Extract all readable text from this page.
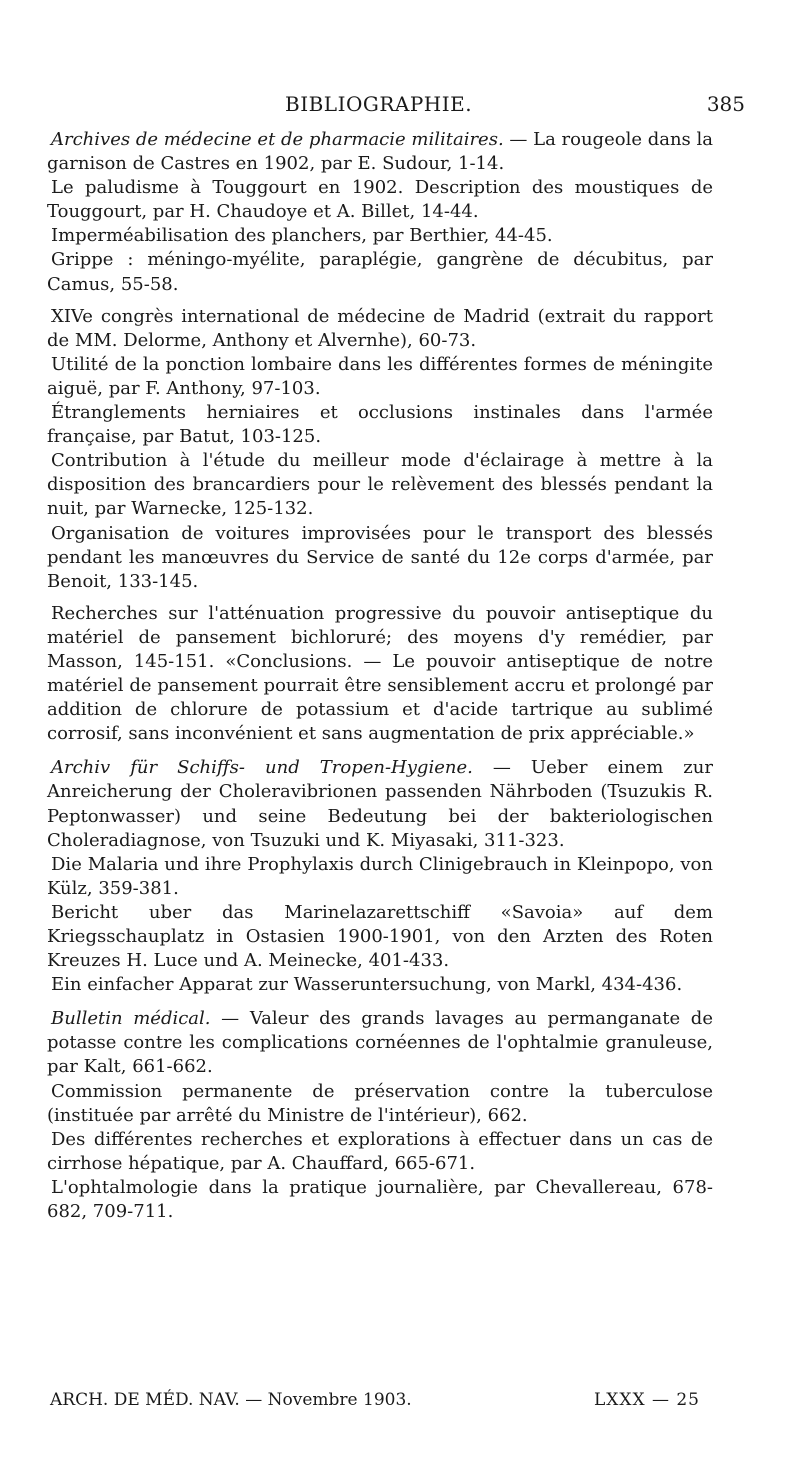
BIBLIOGRAPHIE.	385

Archives de médecine et de pharmacie militaires. — La rougeole dans la garnison de Castres en 1902, par E. Sudour, 1-14.

Le paludisme à Touggourt en 1902. Description des moustiques de Touggourt, par H. Chaudoye et A. Billet, 14-44.

Imperméabilisation des planchers, par Berthier, 44-45.

Grippe : méningo-myélite, paraplégie, gangrène de décubitus, par Camus, 55-58.

XIVe congrès international de médecine de Madrid (extrait du rapport de MM. Delorme, Anthony et Alvernhe), 60-73.

Utilité de la ponction lombaire dans les différentes formes de méningite aiguë, par F. Anthony, 97-103.

Étranglements herniaires et occlusions instinales dans l'armée française, par Batut, 103-125.

Contribution à l'étude du meilleur mode d'éclairage à mettre à la disposition des brancardiers pour le relèvement des blessés pendant la nuit, par Warnecke, 125-132.

Organisation de voitures improvisées pour le transport des blessés pendant les manœuvres du Service de santé du 12e corps d'armée, par Benoit, 133-145.

Recherches sur l'atténuation progressive du pouvoir antiseptique du matériel de pansement bichloruré; des moyens d'y remédier, par Masson, 145-151. «Conclusions. — Le pouvoir antiseptique de notre matériel de pansement pourrait être sensiblement accru et prolongé par addition de chlorure de potassium et d'acide tartrique au sublimé corrosif, sans inconvénient et sans augmentation de prix appréciable.»

Archiv für Schiffs- und Tropen-Hygiene. — Ueber einem zur Anreicherung der Choleravibrionen passenden Nährboden (Tsuzukis R. Peptonwasser) und seine Bedeutung bei der bakteriologischen Choleradiagnose, von Tsuzuki und K. Miyasaki, 311-323.

Die Malaria und ihre Prophylaxis durch Clinigebrauch in Kleinpopo, von Külz, 359-381.

Bericht uber das Marinelazarettschiff «Savoia» auf dem Kriegsschauplatz in Ostasien 1900-1901, von den Arzten des Roten Kreuzes H. Luce und A. Meinecke, 401-433.

Ein einfacher Apparat zur Wasseruntersuchung, von Markl, 434-436.

Bulletin médical. — Valeur des grands lavages au permanganate de potasse contre les complications cornéennes de l'ophtalmie granuleuse, par Kalt, 661-662.

Commission permanente de préservation contre la tuberculose (instituée par arrêté du Ministre de l'intérieur), 662.

Des différentes recherches et explorations à effectuer dans un cas de cirrhose hépatique, par A. Chauffard, 665-671.

L'ophtalmologie dans la pratique journalière, par Chevallereau, 678-682, 709-711.

ARCH. DE MÉD. NAV. — Novembre 1903.	LXXX — 25
